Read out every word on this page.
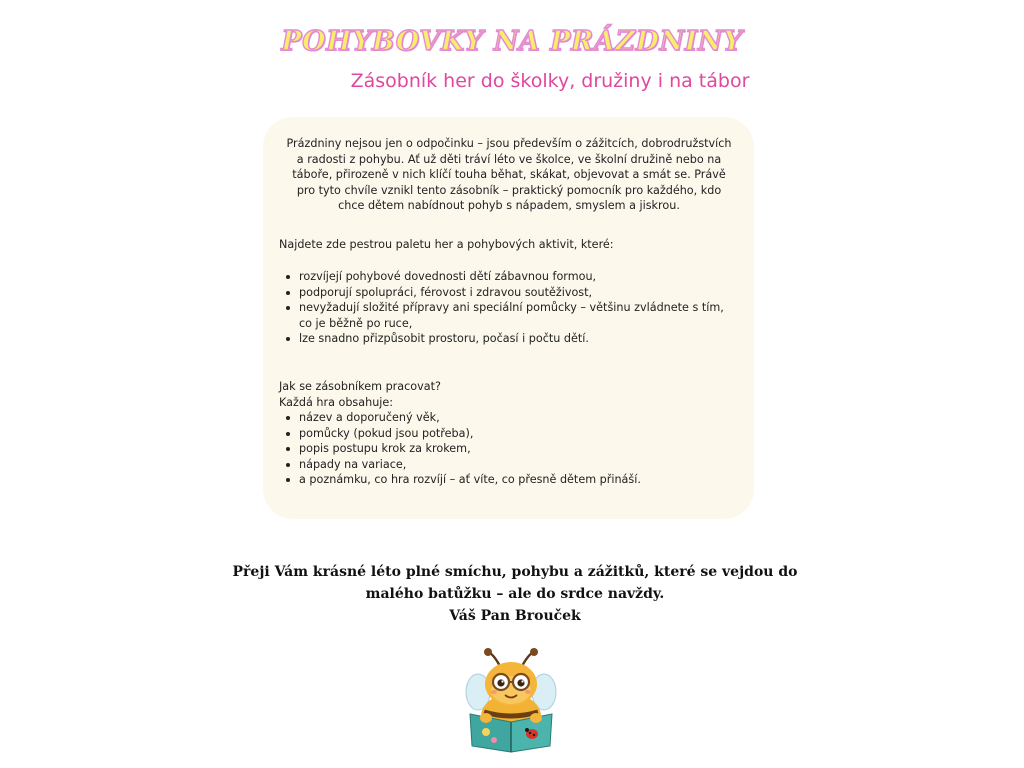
POHYBOVKY NA PRÁZDNINY
Zásobník her do školky, družiny i na tábor

Prázdniny nejsou jen o odpočinku – jsou především o zážitcích, dobrodružstvích a radosti z pohybu. Ať už děti tráví léto ve školce, ve školní družině nebo na táboře, přirozeně v nich klíčí touha běhat, skákat, objevovat a smát se. Právě pro tyto chvíle vznikl tento zásobník – praktický pomocník pro každého, kdo chce dětem nabídnout pohyb s nápadem, smyslem a jiskrou.

Najdete zde pestrou paletu her a pohybových aktivit, které:

rozvíjejí pohybové dovednosti dětí zábavnou formou,
podporují spolupráci, férovost i zdravou soutěživost,
nevyžadují složité přípravy ani speciální pomůcky – většinu zvládnete s tím, co je běžně po ruce,
lze snadno přizpůsobit prostoru, počasí i počtu dětí.
Jak se zásobníkem pracovat?
Každá hra obsahuje:
název a doporučený věk,
pomůcky (pokud jsou potřeba),
popis postupu krok za krokem,
nápady na variace,
a poznámku, co hra rozvíjí – ať víte, co přesně dětem přináší.
Přeji Vám krásné léto plné smíchu, pohybu a zážitků, které se vejdou do
malého batůžku – ale do srdce navždy.
Váš Pan Brouček
